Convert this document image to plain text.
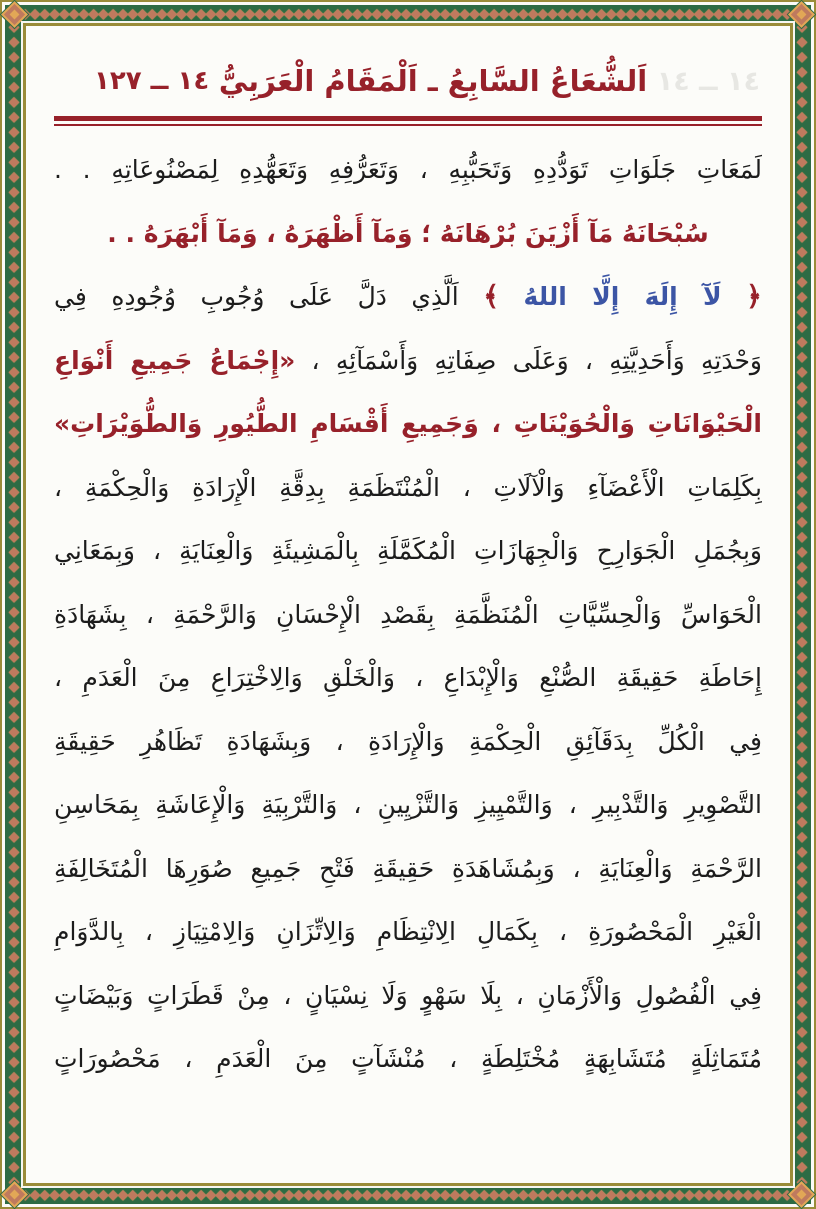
◆◆◆◆◆◆◆◆◆◆◆◆◆◆◆◆◆◆◆◆◆◆◆◆◆◆◆◆◆◆◆◆◆◆◆◆◆◆◆◆◆◆◆◆◆◆◆◆◆◆◆◆◆◆◆◆◆◆◆◆◆◆◆◆◆◆◆◆◆◆◆◆◆◆◆◆◆◆◆◆◆◆◆◆◆◆◆◆◆◆
◆◆◆◆◆◆◆◆◆◆◆◆◆◆◆◆◆◆◆◆◆◆◆◆◆◆◆◆◆◆◆◆◆◆◆◆◆◆◆◆◆◆◆◆◆◆◆◆◆◆◆◆◆◆◆◆◆◆◆◆◆◆◆◆◆◆◆◆◆◆◆◆◆◆◆◆◆◆◆◆◆◆◆◆◆◆◆◆◆◆
◆◆◆◆◆◆◆◆◆◆◆◆◆◆◆◆◆◆◆◆◆◆◆◆◆◆◆◆◆◆◆◆◆◆◆◆◆◆◆◆◆◆◆◆◆◆◆◆◆◆◆◆◆◆◆◆◆◆◆◆◆◆◆◆◆◆◆◆◆◆◆◆◆◆◆◆◆◆◆◆◆◆◆◆◆◆◆◆◆◆
◆◆◆◆◆◆◆◆◆◆◆◆◆◆◆◆◆◆◆◆◆◆◆◆◆◆◆◆◆◆◆◆◆◆◆◆◆◆◆◆◆◆◆◆◆◆◆◆◆◆◆◆◆◆◆◆◆◆◆◆◆◆◆◆◆◆◆◆◆◆◆◆◆◆◆◆◆◆◆◆◆◆◆◆◆◆◆◆◆◆
١٤ ــ ١٤
اَلشُّعَاعُ السَّابِعُ ـ اَلْمَقَامُ الْعَرَبِيُّ
١٤ ــ ١٢٧
لَمَعَاتِ جَلَوَاتِ تَوَدُّدِهِ وَتَحَبُّبِهِ ، وَتَعَرُّفِهِ وَتَعَهُّدِهِ لِمَصْنُوعَاتِهِ . .
سُبْحَانَهُ مَآ أَزْيَنَ بُرْهَانَهُ ؛ وَمَآ أَظْهَرَهُ ، وَمَآ أَبْهَرَهُ . .
﴿ لَآ إِلَهَ إِلَّا اللهُ ﴾ اَلَّذِي دَلَّ عَلَى وُجُوبِ وُجُودِهِ فِي
وَحْدَتِهِ وَأَحَدِيَّتِهِ ، وَعَلَى صِفَاتِهِ وَأَسْمَآئِهِ ، «إِجْمَاعُ جَمِيعِ أَنْوَاعِ
الْحَيْوَانَاتِ وَالْحُوَيْنَاتِ ، وَجَمِيعِ أَقْسَامِ الطُّيُورِ وَالطُّوَيْرَاتِ»
بِكَلِمَاتِ الْأَعْضَآءِ وَالْآلَاتِ ، الْمُنْتَظَمَةِ بِدِقَّةِ الْإِرَادَةِ وَالْحِكْمَةِ ،
وَبِجُمَلِ الْجَوَارِحِ وَالْجِهَازَاتِ الْمُكَمَّلَةِ بِالْمَشِيئَةِ وَالْعِنَايَةِ ، وَبِمَعَانِي
الْحَوَاسِّ وَالْحِسِّيَّاتِ الْمُنَظَّمَةِ بِقَصْدِ الْإِحْسَانِ وَالرَّحْمَةِ ، بِشَهَادَةِ
إِحَاطَةِ حَقِيقَةِ الصُّنْعِ وَالْإِبْدَاعِ ، وَالْخَلْقِ وَالِاخْتِرَاعِ مِنَ الْعَدَمِ ،
فِي الْكُلِّ بِدَقَآئِقِ الْحِكْمَةِ وَالْإِرَادَةِ ، وَبِشَهَادَةِ تَظَاهُرِ حَقِيقَةِ
التَّصْوِيرِ وَالتَّدْبِيرِ ، وَالتَّمْيِيزِ وَالتَّزْيِينِ ، وَالتَّرْبِيَةِ وَالْإِعَاشَةِ بِمَحَاسِنِ
الرَّحْمَةِ وَالْعِنَايَةِ ، وَبِمُشَاهَدَةِ حَقِيقَةِ فَتْحِ جَمِيعِ صُوَرِهَا الْمُتَخَالِفَةِ
الْغَيْرِ الْمَحْصُورَةِ ، بِكَمَالِ الِانْتِظَامِ وَالِاتِّزَانِ وَالِامْتِيَازِ ، بِالدَّوَامِ
فِي الْفُصُولِ وَالْأَزْمَانِ ، بِلَا سَهْوٍ وَلَا نِسْيَانٍ ، مِنْ قَطَرَاتٍ وَبَيْضَاتٍ
مُتَمَاثِلَةٍ مُتَشَابِهَةٍ مُخْتَلِطَةٍ ، مُنْشَآتٍ مِنَ الْعَدَمِ ، مَحْصُورَاتٍ
